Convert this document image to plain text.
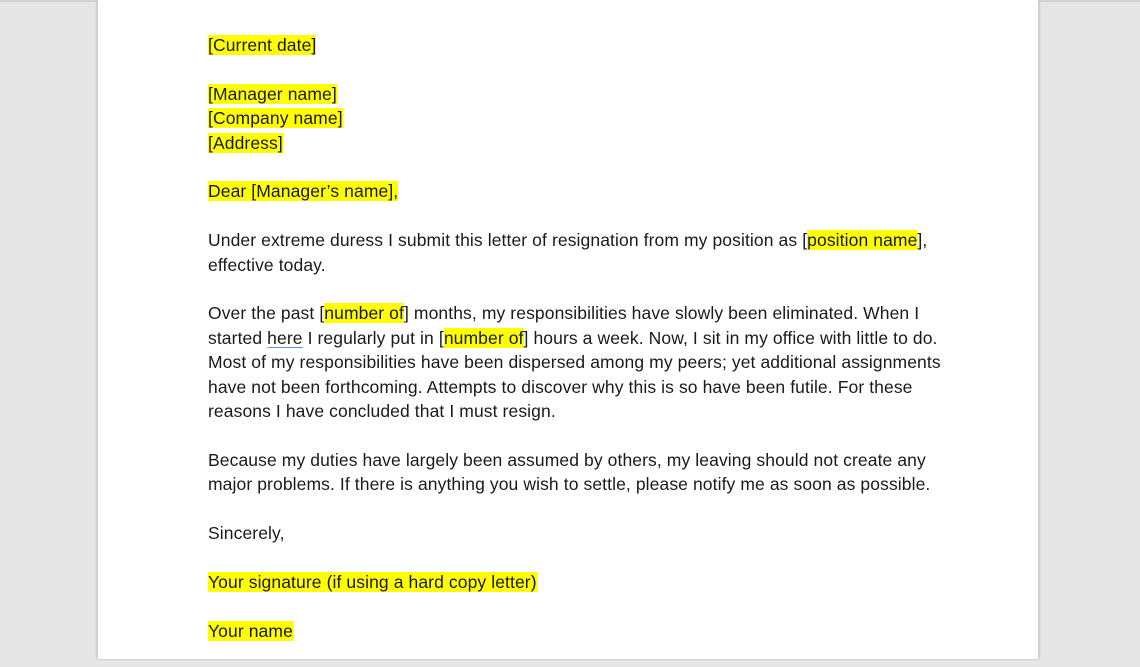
[Current date]

[Manager name]
[Company name]
[Address]

Dear [Manager’s name],

Under extreme duress I submit this letter of resignation from my position as [position name],
effective today.

Over the past [number of] months, my responsibilities have slowly been eliminated. When I
started here I regularly put in [number of] hours a week. Now, I sit in my office with little to do.
Most of my responsibilities have been dispersed among my peers; yet additional assignments
have not been forthcoming. Attempts to discover why this is so have been futile. For these
reasons I have concluded that I must resign.

Because my duties have largely been assumed by others, my leaving should not create any
major problems. If there is anything you wish to settle, please notify me as soon as possible.

Sincerely,

Your signature (if using a hard copy letter)

Your name
